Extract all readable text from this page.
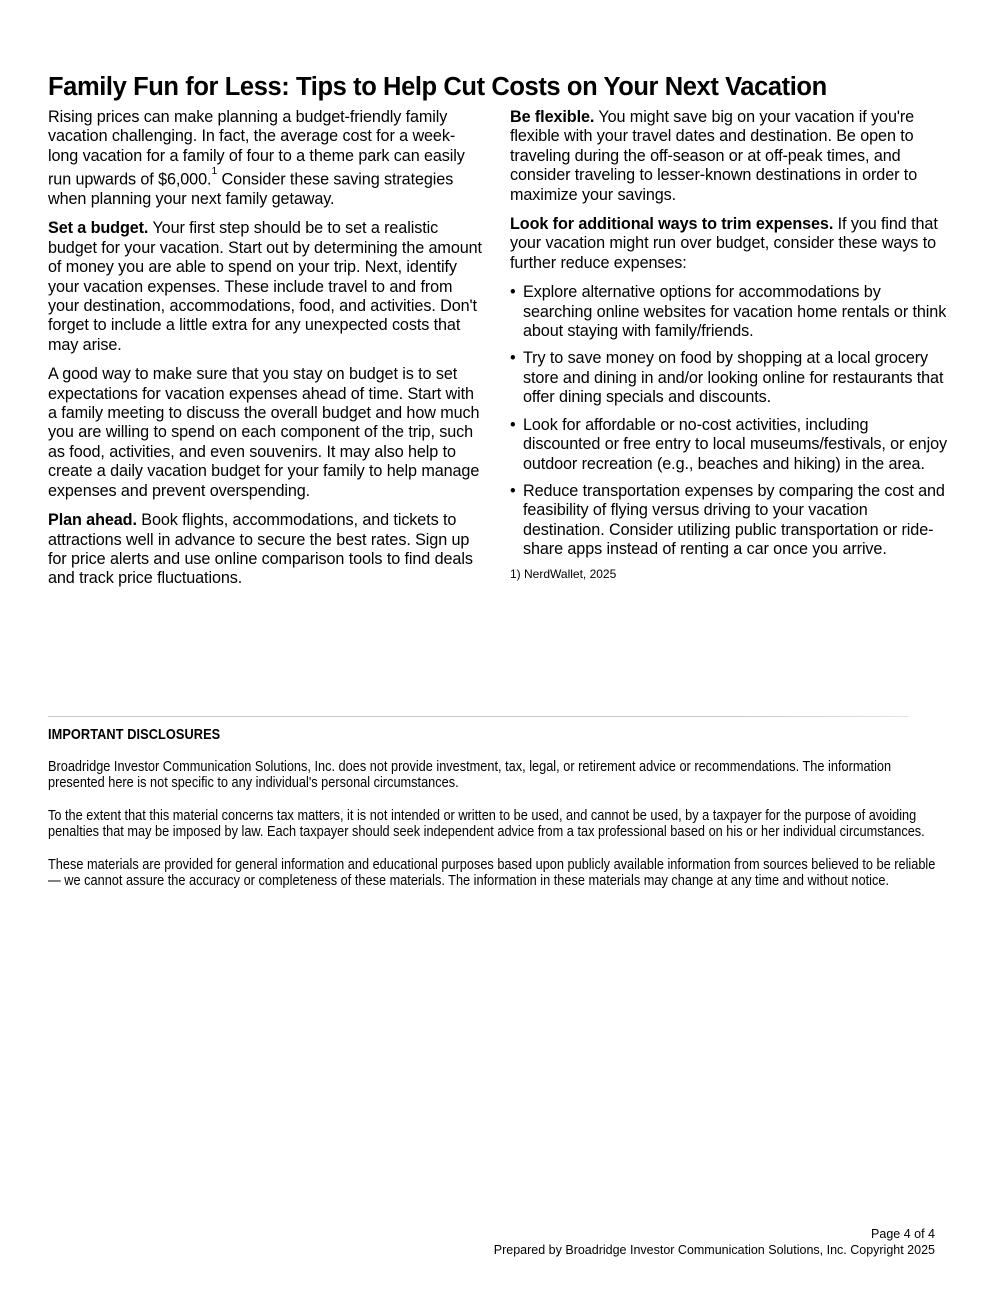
Family Fun for Less: Tips to Help Cut Costs on Your Next Vacation

Rising prices can make planning a budget-friendly family vacation challenging. In fact, the average cost for a week-long vacation for a family of four to a theme park can easily run upwards of $6,000.$^1$ Consider these saving strategies when planning your next family getaway.

Set a budget. Your first step should be to set a realistic budget for your vacation. Start out by determining the amount of money you are able to spend on your trip. Next, identify your vacation expenses. These include travel to and from your destination, accommodations, food, and activities. Don't forget to include a little extra for any unexpected costs that may arise.

A good way to make sure that you stay on budget is to set expectations for vacation expenses ahead of time. Start with a family meeting to discuss the overall budget and how much you are willing to spend on each component of the trip, such as food, activities, and even souvenirs. It may also help to create a daily vacation budget for your family to help manage expenses and prevent overspending.

Plan ahead. Book flights, accommodations, and tickets to attractions well in advance to secure the best rates. Sign up for price alerts and use online comparison tools to find deals and track price fluctuations.

Be flexible. You might save big on your vacation if you're flexible with your travel dates and destination. Be open to traveling during the off-season or at off-peak times, and consider traveling to lesser-known destinations in order to maximize your savings.

Look for additional ways to trim expenses. If you find that your vacation might run over budget, consider these ways to further reduce expenses:

• Explore alternative options for accommodations by searching online websites for vacation home rentals or think about staying with family/friends.
• Try to save money on food by shopping at a local grocery store and dining in and/or looking online for restaurants that offer dining specials and discounts.
• Look for affordable or no-cost activities, including discounted or free entry to local museums/festivals, or enjoy outdoor recreation (e.g., beaches and hiking) in the area.
• Reduce transportation expenses by comparing the cost and feasibility of flying versus driving to your vacation destination. Consider utilizing public transportation or ride-share apps instead of renting a car once you arrive.
1) NerdWallet, 2025
IMPORTANT DISCLOSURES

Broadridge Investor Communication Solutions, Inc. does not provide investment, tax, legal, or retirement advice or recommendations. The information presented here is not specific to any individual's personal circumstances.

To the extent that this material concerns tax matters, it is not intended or written to be used, and cannot be used, by a taxpayer for the purpose of avoiding penalties that may be imposed by law. Each taxpayer should seek independent advice from a tax professional based on his or her individual circumstances.

These materials are provided for general information and educational purposes based upon publicly available information from sources believed to be reliable — we cannot assure the accuracy or completeness of these materials. The information in these materials may change at any time and without notice.

Page 4 of 4
Prepared by Broadridge Investor Communication Solutions, Inc. Copyright 2025
